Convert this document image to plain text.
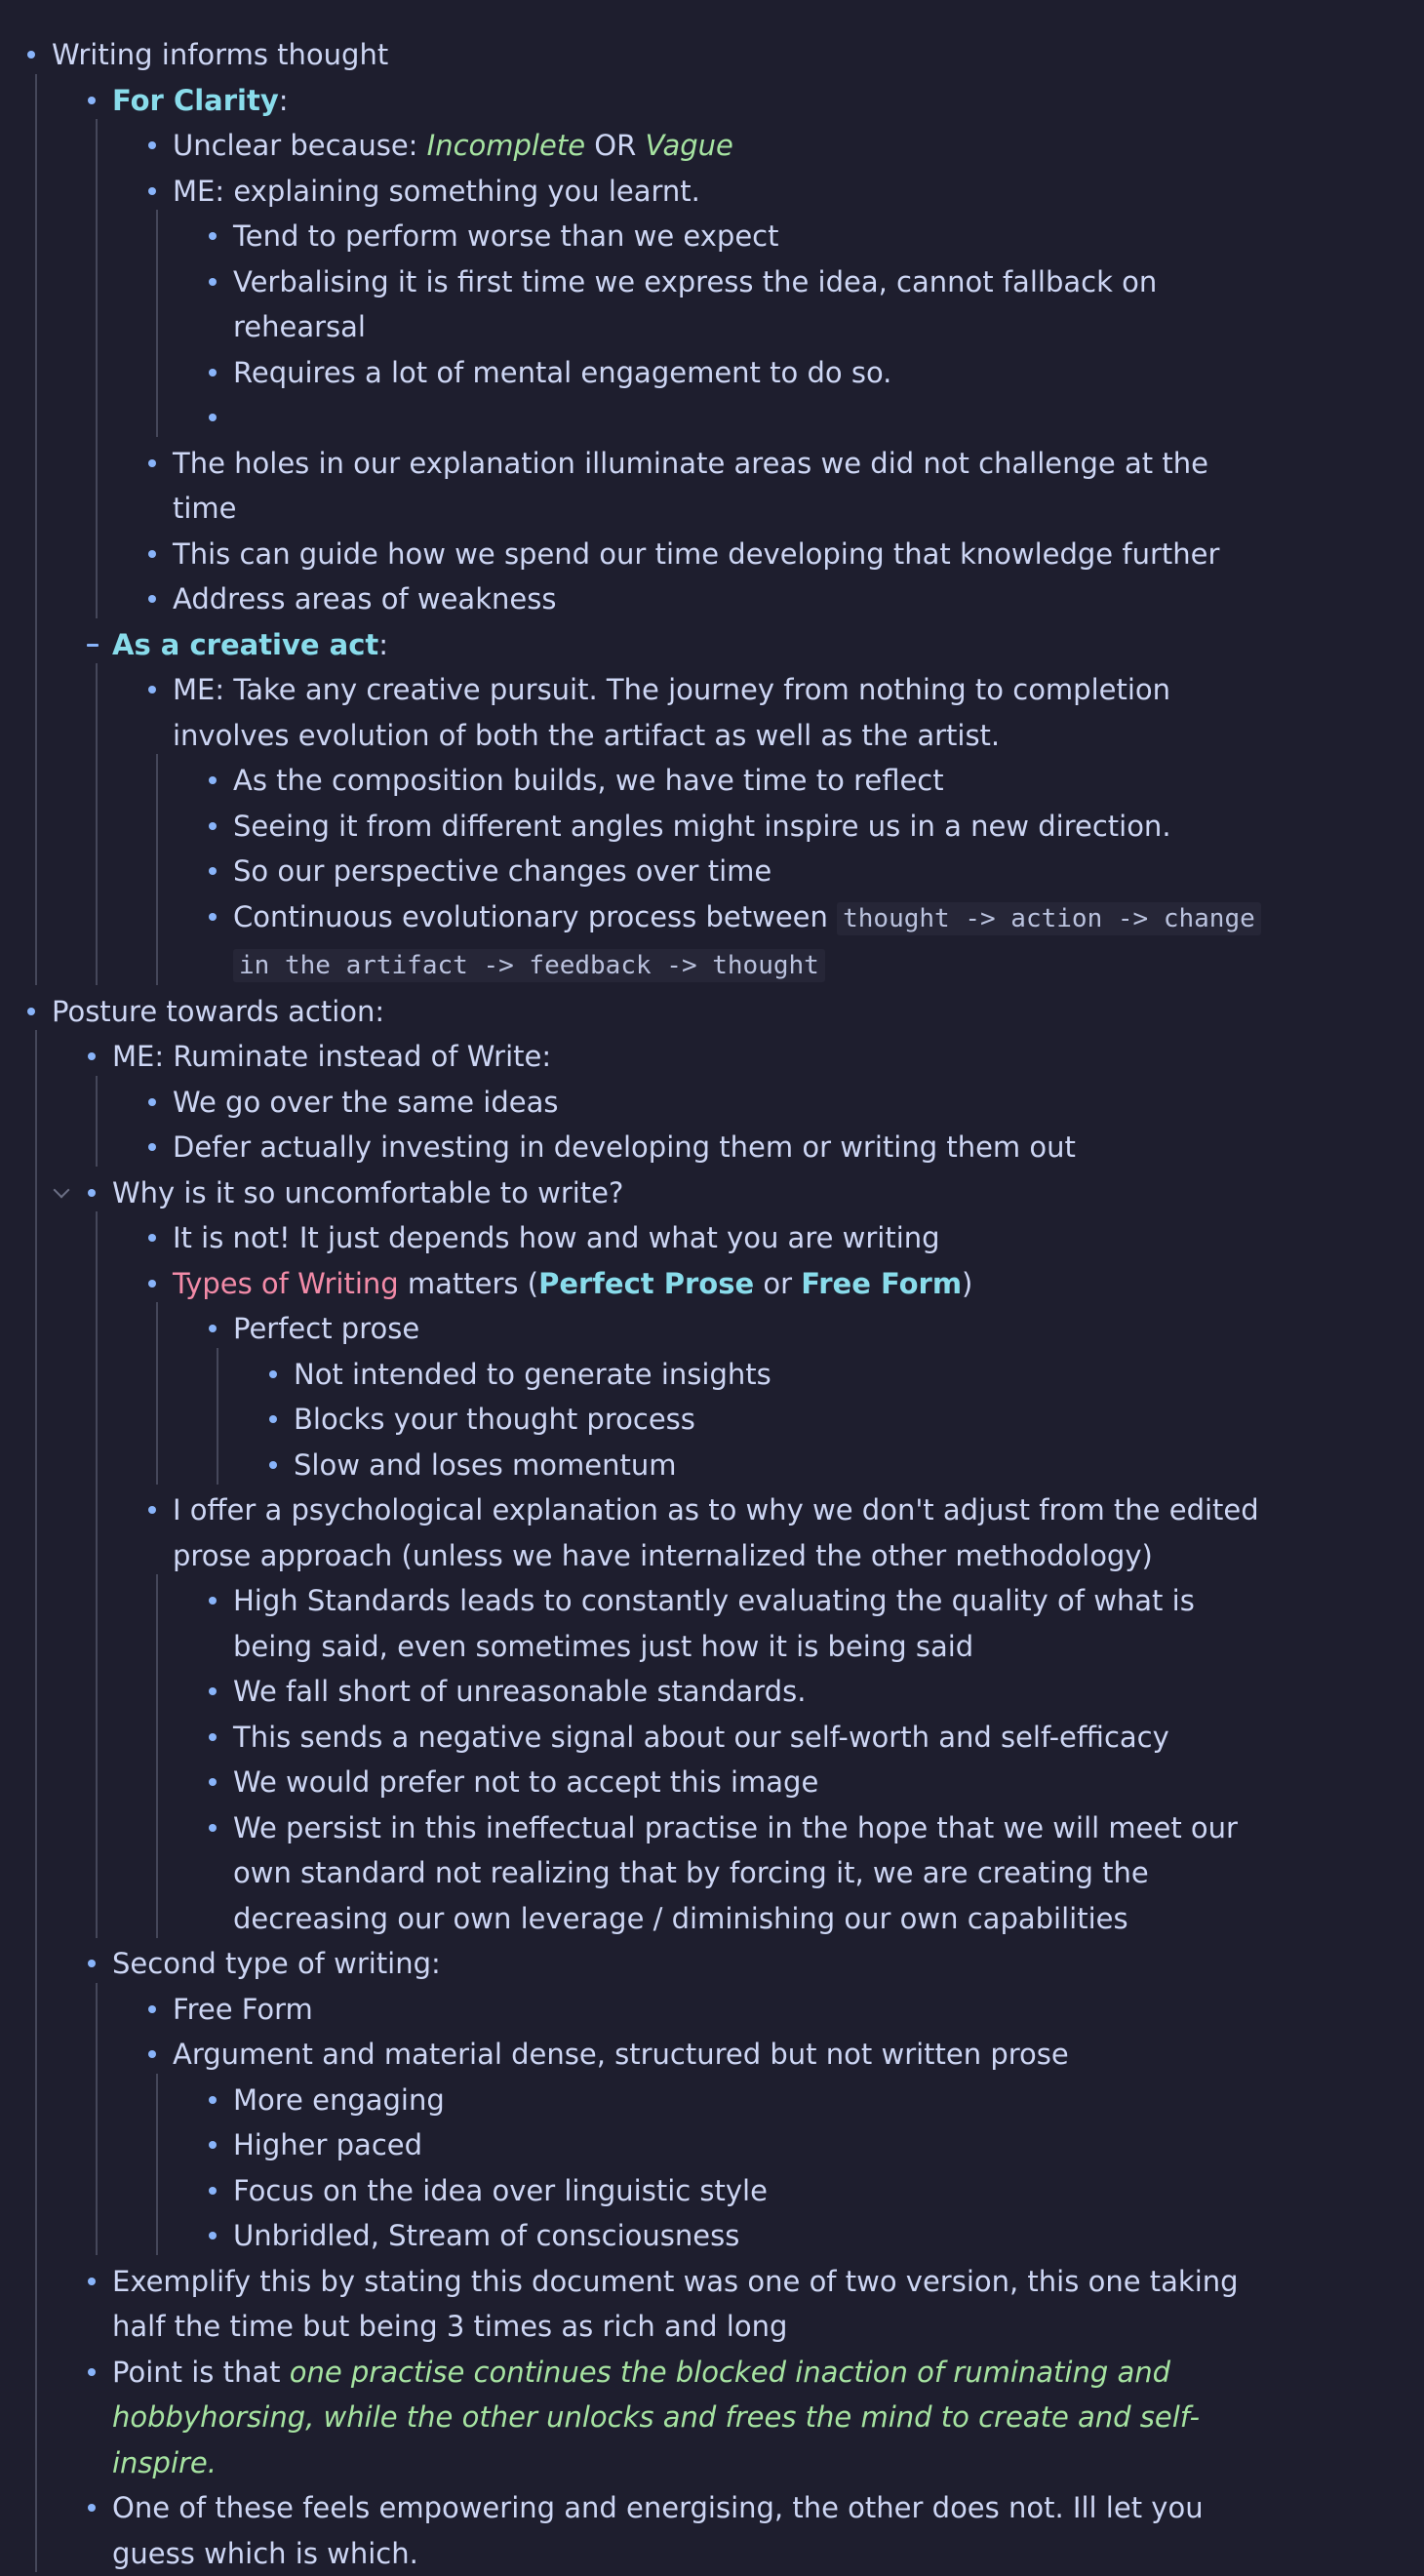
Writing informs thought
For Clarity:
Unclear because: Incomplete OR Vague
ME: explaining something you learnt.
Tend to perform worse than we expect
Verbalising it is first time we express the idea, cannot fallback on rehearsal
Requires a lot of mental engagement to do so.

The holes in our explanation illuminate areas we did not challenge at the time
This can guide how we spend our time developing that knowledge further
Address areas of weakness
As a creative act:
ME: Take any creative pursuit. The journey from nothing to completion involves evolution of both the artifact as well as the artist.
As the composition builds, we have time to reflect
Seeing it from different angles might inspire us in a new direction.
So our perspective changes over time
Continuous evolutionary process between thought -> action -> change in the artifact -> feedback -> thought
Posture towards action:
ME: Ruminate instead of Write:
We go over the same ideas
Defer actually investing in developing them or writing them out
Why is it so uncomfortable to write?
It is not! It just depends how and what you are writing
Types of Writing matters (Perfect Prose or Free Form)
Perfect prose
Not intended to generate insights
Blocks your thought process
Slow and loses momentum
I offer a psychological explanation as to why we don't adjust from the edited prose approach (unless we have internalized the other methodology)
High Standards leads to constantly evaluating the quality of what is being said, even sometimes just how it is being said
We fall short of unreasonable standards.
This sends a negative signal about our self-worth and self-efficacy
We would prefer not to accept this image
We persist in this ineffectual practise in the hope that we will meet our own standard not realizing that by forcing it, we are creating the decreasing our own leverage / diminishing our own capabilities
Second type of writing:
Free Form
Argument and material dense, structured but not written prose
More engaging
Higher paced
Focus on the idea over linguistic style
Unbridled, Stream of consciousness
Exemplify this by stating this document was one of two version, this one taking half the time but being 3 times as rich and long
Point is that one practise continues the blocked inaction of ruminating and hobbyhorsing, while the other unlocks and frees the mind to create and self-inspire.
One of these feels empowering and energising, the other does not. Ill let you guess which is which.
